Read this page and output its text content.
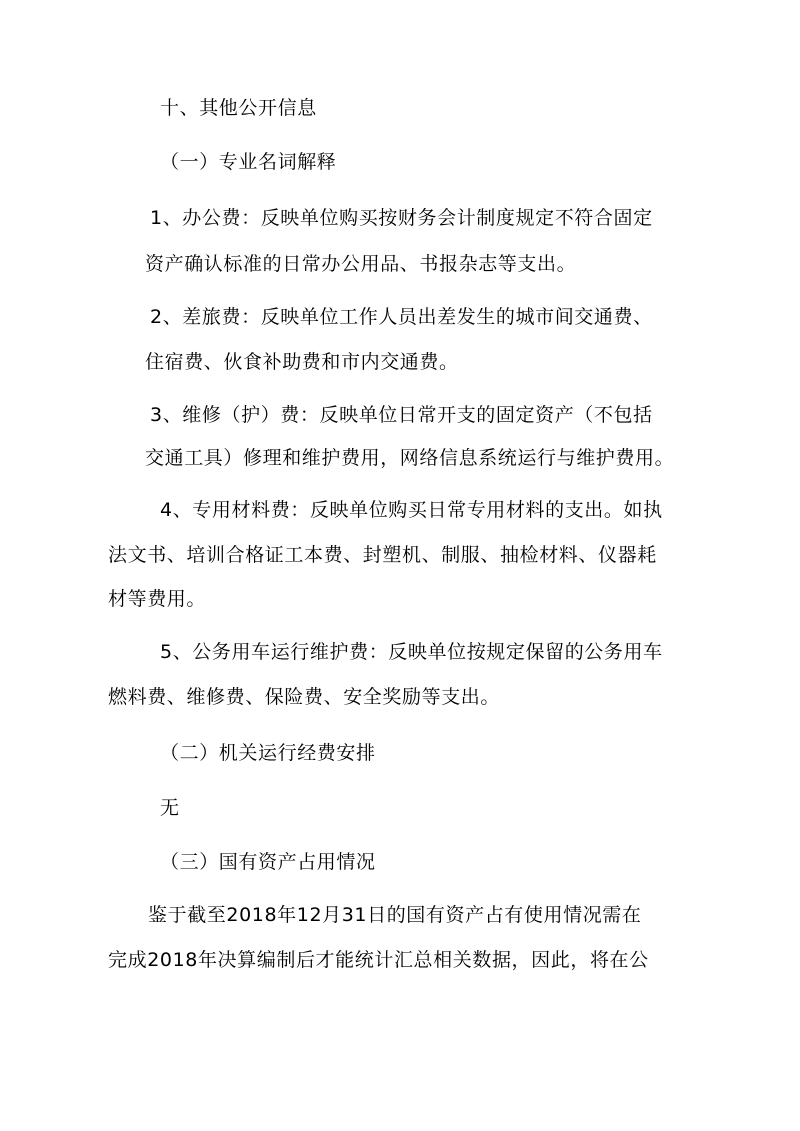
十、其他公开信息
（一）专业名词解释
1、办公费：反映单位购买按财务会计制度规定不符合固定
资产确认标准的日常办公用品、书报杂志等支出。
2、差旅费：反映单位工作人员出差发生的城市间交通费、
住宿费、伙食补助费和市内交通费。
3、维修（护）费：反映单位日常开支的固定资产（不包括
交通工具）修理和维护费用，网络信息系统运行与维护费用。
4、专用材料费：反映单位购买日常专用材料的支出。如执
法文书、培训合格证工本费、封塑机、制服、抽检材料、仪器耗
材等费用。
5、公务用车运行维护费：反映单位按规定保留的公务用车
燃料费、维修费、保险费、安全奖励等支出。
（二）机关运行经费安排
无
（三）国有资产占用情况
鉴于截至2018年12月31日的国有资产占有使用情况需在
完成2018年决算编制后才能统计汇总相关数据，因此，将在公
